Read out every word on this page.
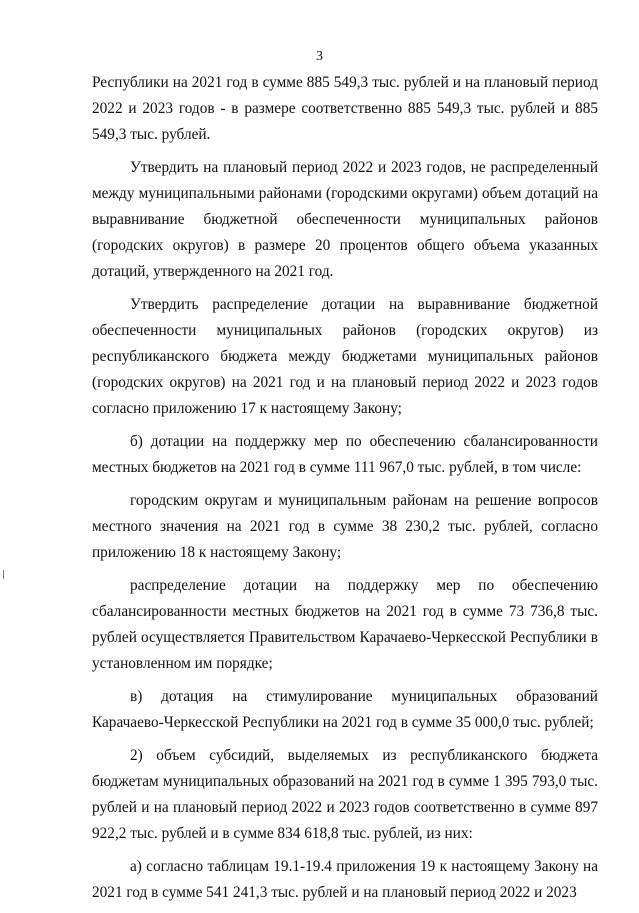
3

Республики на 2021 год в сумме 885 549,3 тыс. рублей и на плановый период 2022 и 2023 годов - в размере соответственно 885 549,3 тыс. рублей и 885 549,3 тыс. рублей.

Утвердить на плановый период 2022 и 2023 годов, не распределенный между муниципальными районами (городскими округами) объем дотаций на выравнивание бюджетной обеспеченности муниципальных районов (городских округов) в размере 20 процентов общего объема указанных дотаций, утвержденного на 2021 год.

Утвердить распределение дотации на выравнивание бюджетной обеспеченности муниципальных районов (городских округов) из республиканского бюджета между бюджетами муниципальных районов (городских округов) на 2021 год и на плановый период 2022 и 2023 годов согласно приложению 17 к настоящему Закону;

б) дотации на поддержку мер по обеспечению сбалансированности местных бюджетов на 2021 год в сумме 111 967,0 тыс. рублей, в том числе:

городским округам и муниципальным районам на решение вопросов местного значения на 2021 год в сумме 38 230,2 тыс. рублей, согласно приложению 18 к настоящему Закону;

распределение дотации на поддержку мер по обеспечению сбалансированности местных бюджетов на 2021 год в сумме 73 736,8 тыс. рублей осуществляется Правительством Карачаево-Черкесской Республики в установленном им порядке;

в) дотация на стимулирование муниципальных образований Карачаево-Черкесской Республики на 2021 год в сумме 35 000,0 тыс. рублей;

2) объем субсидий, выделяемых из республиканского бюджета бюджетам муниципальных образований на 2021 год в сумме 1 395 793,0 тыс. рублей и на плановый период 2022 и 2023 годов соответственно в сумме 897 922,2 тыс. рублей и в сумме 834 618,8 тыс. рублей, из них:

а) согласно таблицам 19.1-19.4 приложения 19 к настоящему Закону на 2021 год в сумме 541 241,3 тыс. рублей и на плановый период 2022 и 2023
